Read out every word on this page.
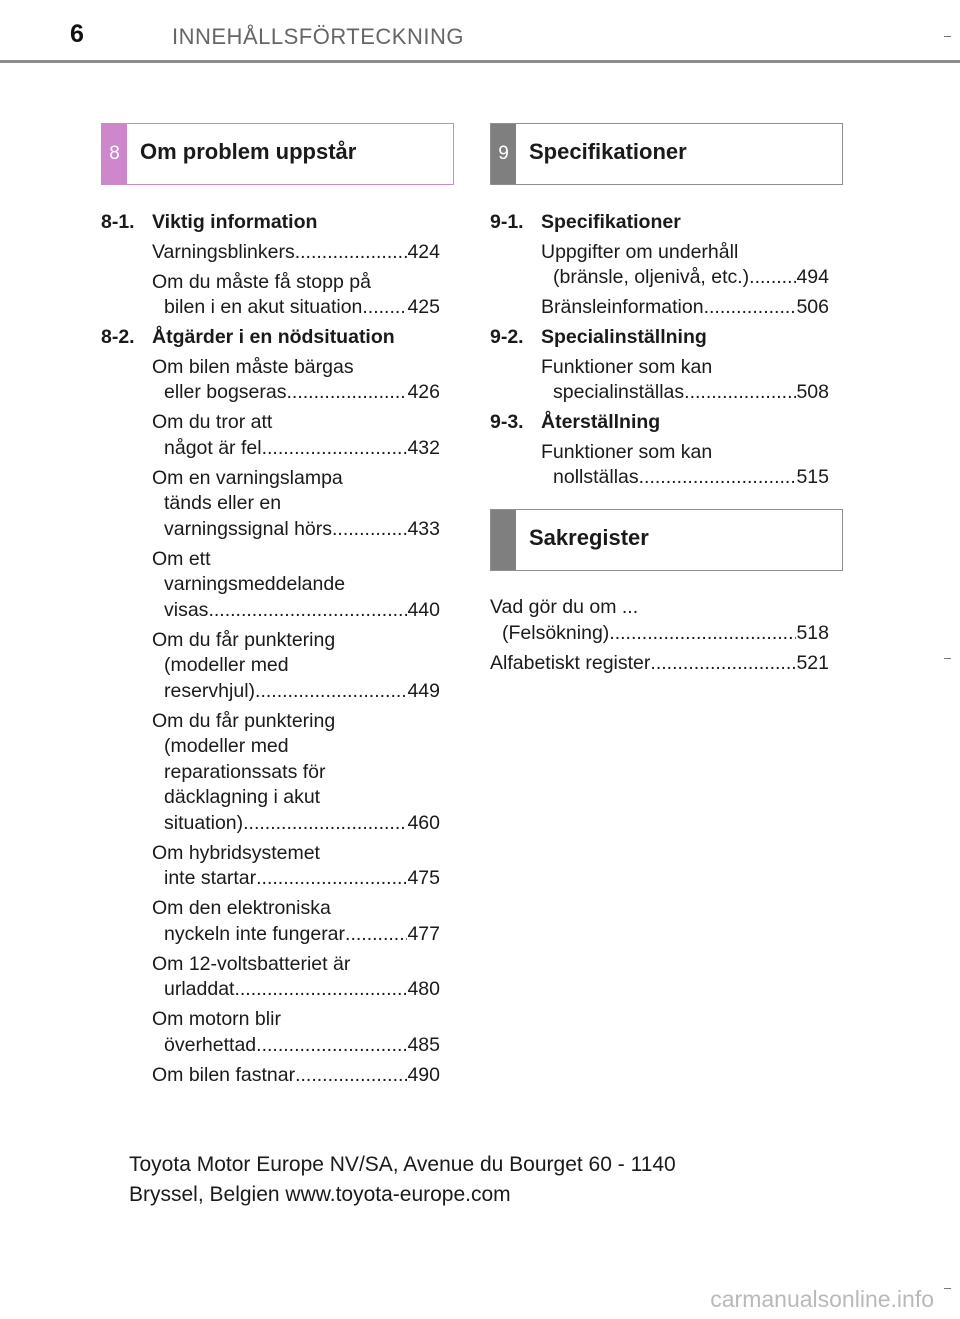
6	INNEHÅLLSFÖRTECKNING
8 Om problem uppstår	9 Specifikationer
Sakregister
8-1. Viktig information
Varningsblinkers .....	424
Om du måste få stopp på
bilen i en akut situation ..... 425
8-2. Åtgärder i en nödsituation
Om bilen måste bärgas
eller bogseras .....	426
Om du tror att
något är fel .....	432
Om en varningslampa
tänds eller en
varningssignal hörs .....	433
Om ett
varningsmeddelande
visas .....	440
Om du får punktering
(modeller med
reservhjul) .....	449
Om du får punktering
(modeller med
reparationssats för
däcklagning i akut
situation) .....	460
Om hybridsystemet
inte startar .....	475
Om den elektroniska
nyckeln inte fungerar .....	477
Om 12-voltsbatteriet är
urladdat .....	480
Om motorn blir
överhettad .....	485
Om bilen fastnar .....	490
9-1. Specifikationer
Uppgifter om underhåll
(bränsle, oljenivå, etc.) ..... 494
Bränsleinformation .....	506
9-2. Specialinställning
Funktioner som kan
specialinställas .....	508
9-3. Återställning
Funktioner som kan
nollställas .....	515
Vad gör du om ...
(Felsökning) .....	518
Alfabetiskt register .....	521
Toyota Motor Europe NV/SA, Avenue du Bourget 60 - 1140
Bryssel, Belgien www.toyota-europe.com
carmanualsonline.info
